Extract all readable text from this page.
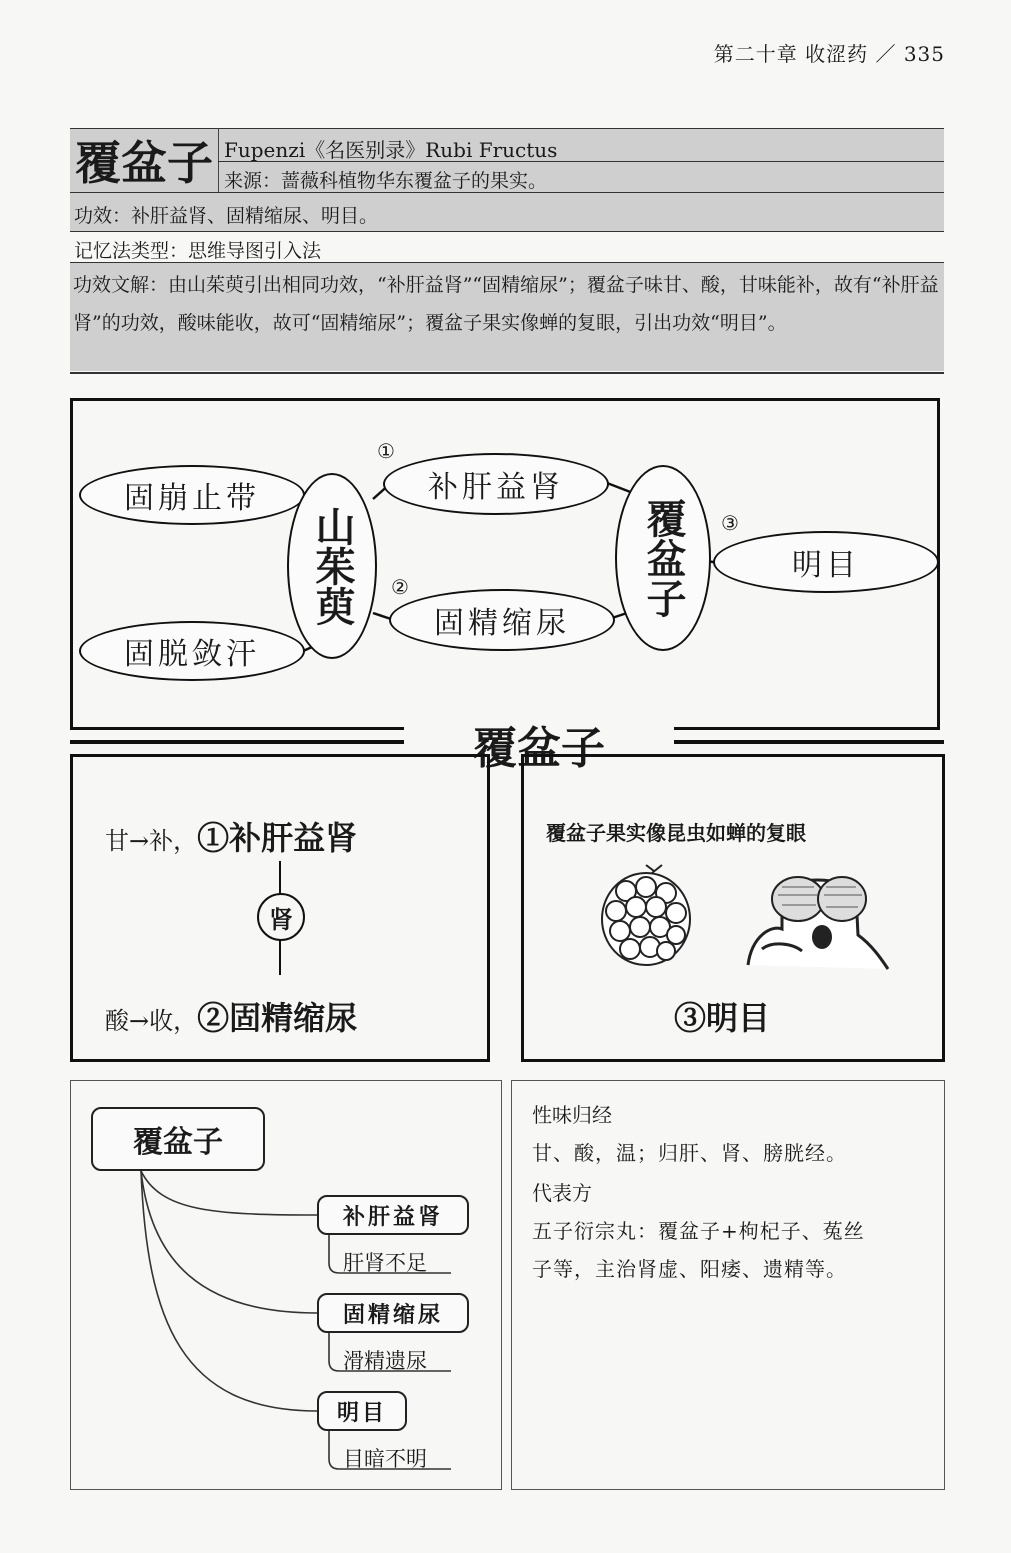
第二十章 收涩药 ／ 335
覆盆子 Fupenzi《名医别录》Rubi Fructus
来源：蔷薇科植物华东覆盆子的果实。
功效：补肝益肾、固精缩尿、明目。
记忆法类型：思维导图引入法
功效文解：由山茱萸引出相同功效，“补肝益肾”“固精缩尿”；覆盆子味甘、酸，甘味能补，故有“补肝益肾”的功效，酸味能收，故可“固精缩尿”；覆盆子果实像蝉的复眼，引出功效“明目”。
固崩止带
固脱敛汗
山茱萸
①
补肝益肾
②
固精缩尿
覆盆子	③
明目
覆盆子
甘→补，①补肝益肾
肾
酸→收，②固精缩尿
覆盆子果实像昆虫如蝉的复眼
③明目
覆盆子
补肝益肾
肝肾不足
固精缩尿
滑精遗尿
明目
目暗不明
性味归经
甘、酸，温；归肝、肾、膀胱经。
代表方
五子衍宗丸：覆盆子+枸杞子、菟丝
子等，主治肾虚、阳痿、遗精等。
